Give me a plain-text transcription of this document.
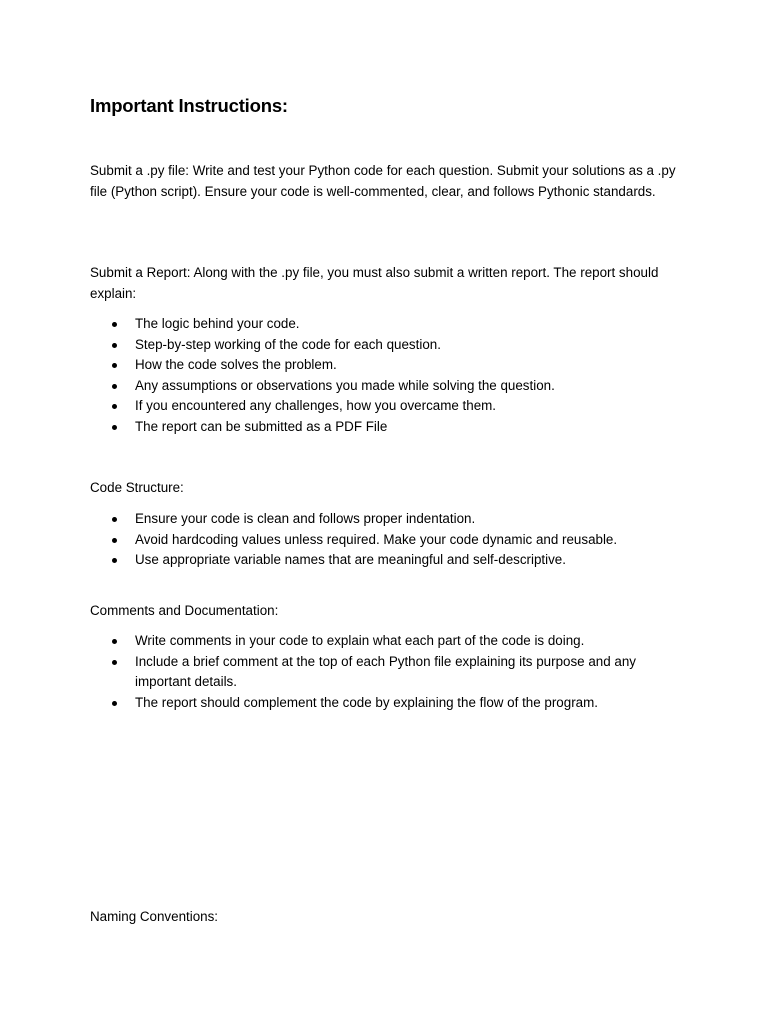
Important Instructions:

Submit a .py file: Write and test your Python code for each question. Submit your solutions as a .py file (Python script). Ensure your code is well-commented, clear, and follows Pythonic standards.

Submit a Report: Along with the .py file, you must also submit a written report. The report should explain:

The logic behind your code.
Step-by-step working of the code for each question.
How the code solves the problem.
Any assumptions or observations you made while solving the question.
If you encountered any challenges, how you overcame them.
The report can be submitted as a PDF File

Code Structure:

Ensure your code is clean and follows proper indentation.
Avoid hardcoding values unless required. Make your code dynamic and reusable.
Use appropriate variable names that are meaningful and self-descriptive.

Comments and Documentation:

Write comments in your code to explain what each part of the code is doing.
Include a brief comment at the top of each Python file explaining its purpose and any important details.
The report should complement the code by explaining the flow of the program.

Naming Conventions:
